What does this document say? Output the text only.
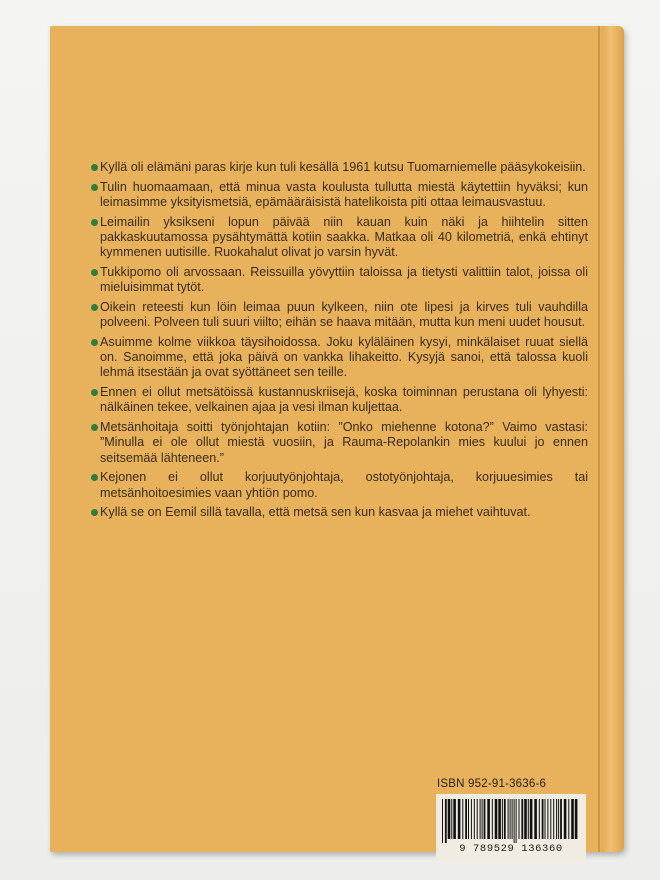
Kyllä oli elämäni paras kirje kun tuli kesällä 1961 kutsu Tuomarniemelle pääsykokeisiin.
Tulin huomaamaan, että minua vasta koulusta tullutta miestä käytettiin hyväksi; kun leimasimme yksityismetsiä, epämääräisistä hatelikoista piti ottaa leimausvastuu.
Leimailin yksikseni lopun päivää niin kauan kuin näki ja hiihtelin sitten pakkaskuutamossa pysähtymättä kotiin saakka. Matkaa oli 40 kilometriä, enkä ehtinyt kymmenen uutisille. Ruokahalut olivat jo varsin hyvät.
Tukkipomo oli arvossaan. Reissuilla yövyttiin taloissa ja tietysti valittiin talot, joissa oli mieluisimmat tytöt.
Oikein reteesti kun löin leimaa puun kylkeen, niin ote lipesi ja kirves tuli vauhdilla polveeni. Polveen tuli suuri viilto; eihän se haava mitään, mutta kun meni uudet housut.
Asuimme kolme viikkoa täysihoidossa. Joku kyläläinen kysyi, minkälaiset ruuat siellä on. Sanoimme, että joka päivä on vankka lihakeitto. Kysyjä sanoi, että talossa kuoli lehmä itsestään ja ovat syöttäneet sen teille.
Ennen ei ollut metsätöissä kustannuskriisejä, koska toiminnan perustana oli lyhyesti: nälkäinen tekee, velkainen ajaa ja vesi ilman kuljettaa.
Metsänhoitaja soitti työnjohtajan kotiin: ”Onko miehenne kotona?” Vaimo vastasi: ”Minulla ei ole ollut miestä vuosiin, ja Rauma-Repolankin mies kuului jo ennen seitsemää lähteneen.”
Kejonen ei ollut korjuutyönjohtaja, ostotyönjohtaja, korjuuesimies tai metsänhoitoesimies vaan yhtiön pomo.
Kyllä se on Eemil sillä tavalla, että metsä sen kun kasvaa ja miehet vaihtuvat.
ISBN 952-91-3636-6
9 789529 136360
